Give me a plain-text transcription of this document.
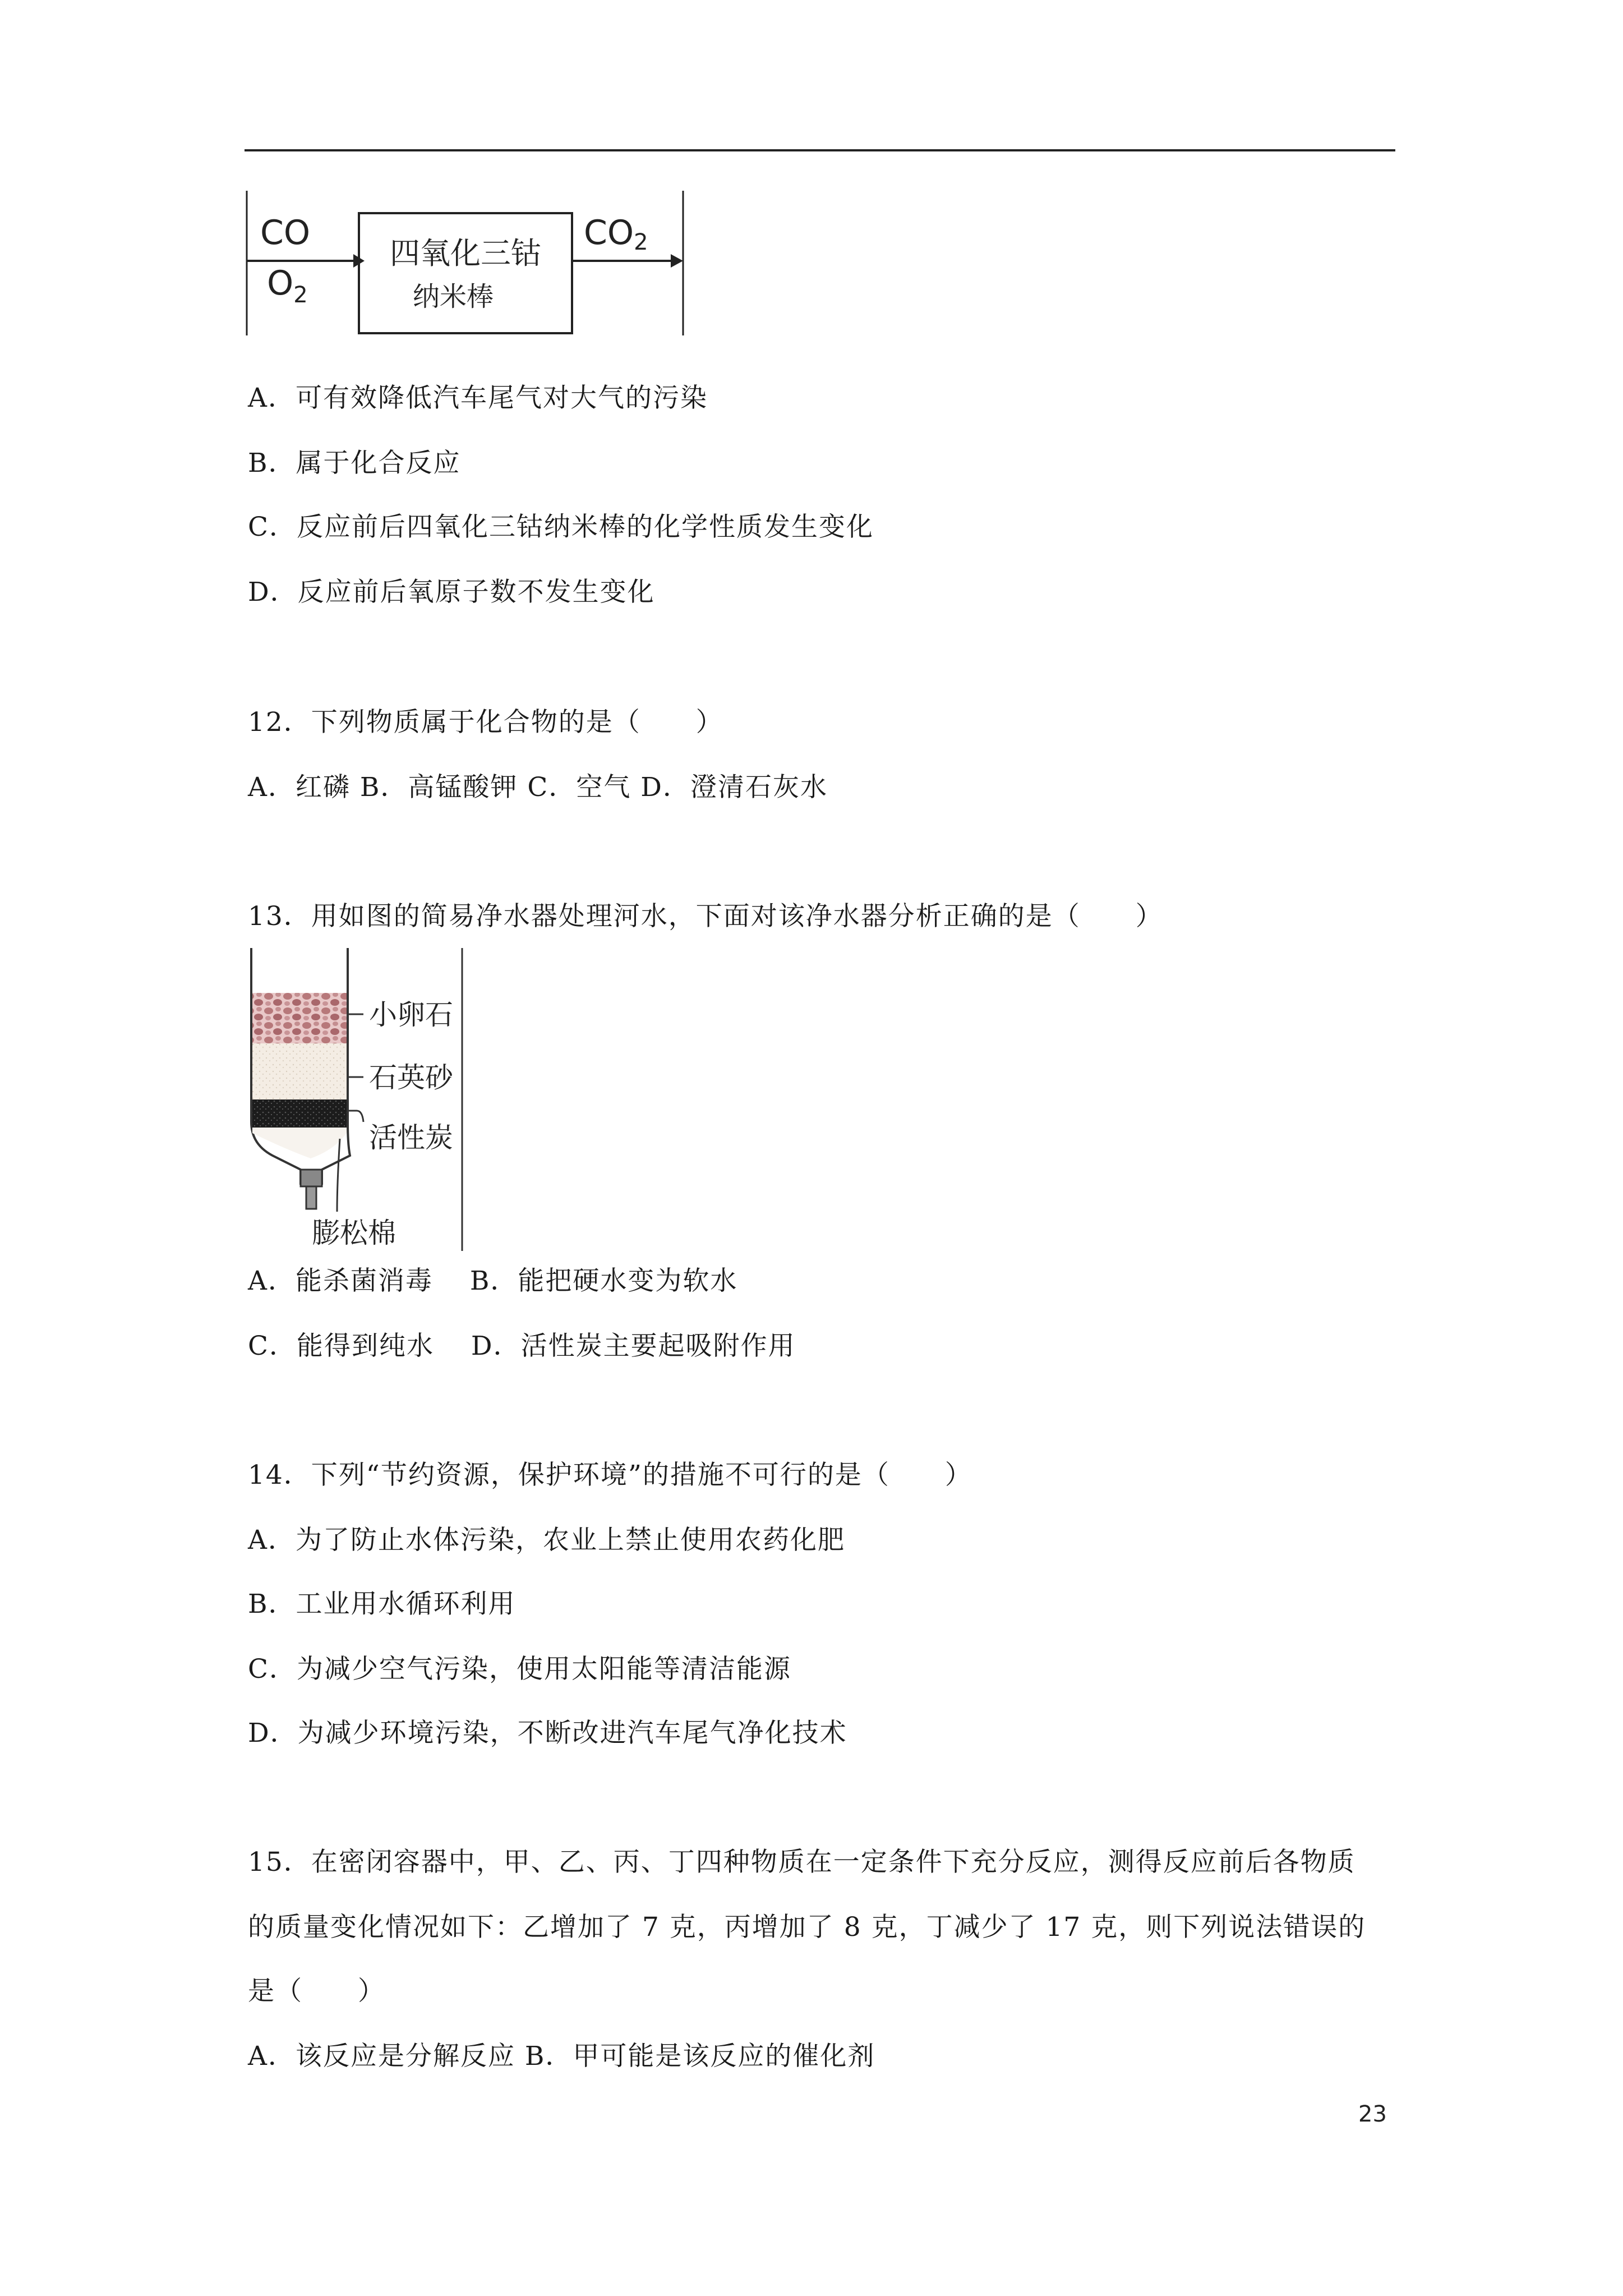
CO
$O_2$
四氧化三钴
纳米棒
CO2
A．可有效降低汽车尾气对大气的污染
B．属于化合反应
C．反应前后四氧化三钴纳米棒的化学性质发生变化
D．反应前后氧原子数不发生变化
12．下列物质属于化合物的是（　　）
A．红磷 B．高锰酸钾 C．空气 D．澄清石灰水
13．用如图的简易净水器处理河水，下面对该净水器分析正确的是（　　）
小卵石
石英砂
活性炭
膨松棉
A．能杀菌消毒　 B．能把硬水变为软水
C．能得到纯水　 D．活性炭主要起吸附作用
14．下列“节约资源，保护环境”的措施不可行的是（　　）
A．为了防止水体污染，农业上禁止使用农药化肥
B．工业用水循环利用
C．为减少空气污染，使用太阳能等清洁能源
D．为减少环境污染，不断改进汽车尾气净化技术
15．在密闭容器中，甲、乙、丙、丁四种物质在一定条件下充分反应，测得反应前后各物质
的质量变化情况如下：乙增加了 7 克，丙增加了 8 克，丁减少了 17 克，则下列说法错误的
是（　　）
A．该反应是分解反应 B．甲可能是该反应的催化剂
23
